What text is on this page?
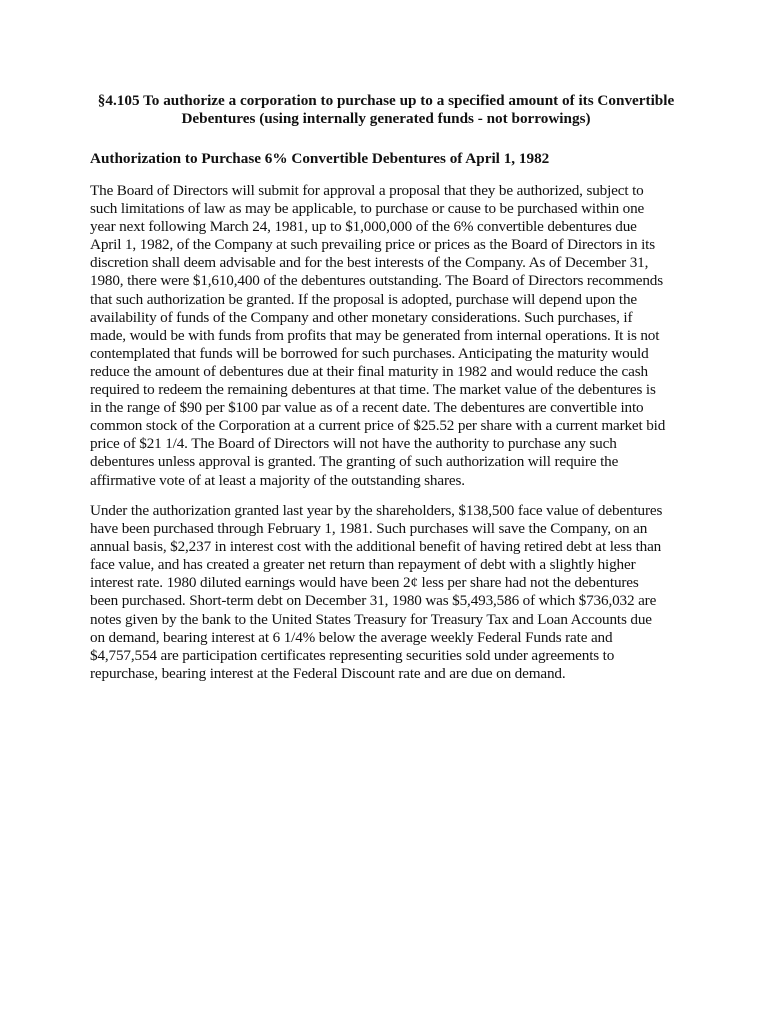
§4.105 To authorize a corporation to purchase up to a specified amount of its Convertible
Debentures (using internally generated funds - not borrowings)
Authorization to Purchase 6% Convertible Debentures of April 1, 1982
The Board of Directors will submit for approval a proposal that they be authorized, subject to
such limitations of law as may be applicable, to purchase or cause to be purchased within one
year next following March 24, 1981, up to $1,000,000 of the 6% convertible debentures due
April 1, 1982, of the Company at such prevailing price or prices as the Board of Directors in its
discretion shall deem advisable and for the best interests of the Company. As of December 31,
1980, there were $1,610,400 of the debentures outstanding. The Board of Directors recommends
that such authorization be granted. If the proposal is adopted, purchase will depend upon the
availability of funds of the Company and other monetary considerations. Such purchases, if
made, would be with funds from profits that may be generated from internal operations. It is not
contemplated that funds will be borrowed for such purchases. Anticipating the maturity would
reduce the amount of debentures due at their final maturity in 1982 and would reduce the cash
required to redeem the remaining debentures at that time. The market value of the debentures is
in the range of $90 per $100 par value as of a recent date. The debentures are convertible into
common stock of the Corporation at a current price of $25.52 per share with a current market bid
price of $21 1/4. The Board of Directors will not have the authority to purchase any such
debentures unless approval is granted. The granting of such authorization will require the
affirmative vote of at least a majority of the outstanding shares.
Under the authorization granted last year by the shareholders, $138,500 face value of debentures
have been purchased through February 1, 1981. Such purchases will save the Company, on an
annual basis, $2,237 in interest cost with the additional benefit of having retired debt at less than
face value, and has created a greater net return than repayment of debt with a slightly higher
interest rate. 1980 diluted earnings would have been 2¢ less per share had not the debentures
been purchased. Short-term debt on December 31, 1980 was $5,493,586 of which $736,032 are
notes given by the bank to the United States Treasury for Treasury Tax and Loan Accounts due
on demand, bearing interest at 6 1/4% below the average weekly Federal Funds rate and
$4,757,554 are participation certificates representing securities sold under agreements to
repurchase, bearing interest at the Federal Discount rate and are due on demand.
